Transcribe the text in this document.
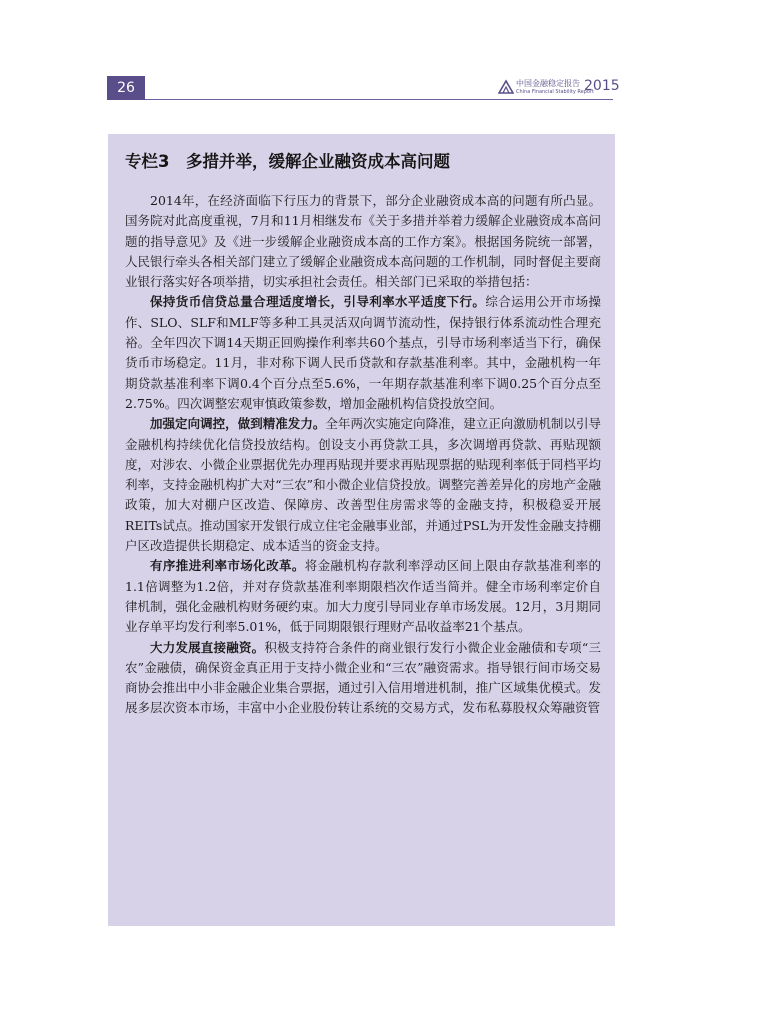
26	中国金融稳定报告
China Financial Stability Report
2015
专栏3　多措并举，缓解企业融资成本高问题

2014年，在经济面临下行压力的背景下，部分企业融资成本高的问题有所凸显。国务院对此高度重视，7月和11月相继发布《关于多措并举着力缓解企业融资成本高问题的指导意见》及《进一步缓解企业融资成本高的工作方案》。根据国务院统一部署，人民银行牵头各相关部门建立了缓解企业融资成本高问题的工作机制，同时督促主要商业银行落实好各项举措，切实承担社会责任。相关部门已采取的举措包括：

保持货币信贷总量合理适度增长，引导利率水平适度下行。综合运用公开市场操作、SLO、SLF和MLF等多种工具灵活双向调节流动性，保持银行体系流动性合理充裕。全年四次下调14天期正回购操作利率共60个基点，引导市场利率适当下行，确保货币市场稳定。11月，非对称下调人民币贷款和存款基准利率。其中，金融机构一年期贷款基准利率下调0.4个百分点至5.6%，一年期存款基准利率下调0.25个百分点至2.75%。四次调整宏观审慎政策参数，增加金融机构信贷投放空间。

加强定向调控，做到精准发力。全年两次实施定向降准，建立正向激励机制以引导金融机构持续优化信贷投放结构。创设支小再贷款工具，多次调增再贷款、再贴现额度，对涉农、小微企业票据优先办理再贴现并要求再贴现票据的贴现利率低于同档平均利率，支持金融机构扩大对“三农”和小微企业信贷投放。调整完善差异化的房地产金融政策，加大对棚户区改造、保障房、改善型住房需求等的金融支持，积极稳妥开展REITs试点。推动国家开发银行成立住宅金融事业部，并通过PSL为开发性金融支持棚户区改造提供长期稳定、成本适当的资金支持。

有序推进利率市场化改革。将金融机构存款利率浮动区间上限由存款基准利率的1.1倍调整为1.2倍，并对存贷款基准利率期限档次作适当简并。健全市场利率定价自律机制，强化金融机构财务硬约束。加大力度引导同业存单市场发展。12月，3月期同业存单平均发行利率5.01%，低于同期限银行理财产品收益率21个基点。

大力发展直接融资。积极支持符合条件的商业银行发行小微企业金融债和专项“三农”金融债，确保资金真正用于支持小微企业和“三农”融资需求。指导银行间市场交易商协会推出中小非金融企业集合票据，通过引入信用增进机制，推广区域集优模式。发展多层次资本市场，丰富中小企业股份转让系统的交易方式，发布私募股权众筹融资管
